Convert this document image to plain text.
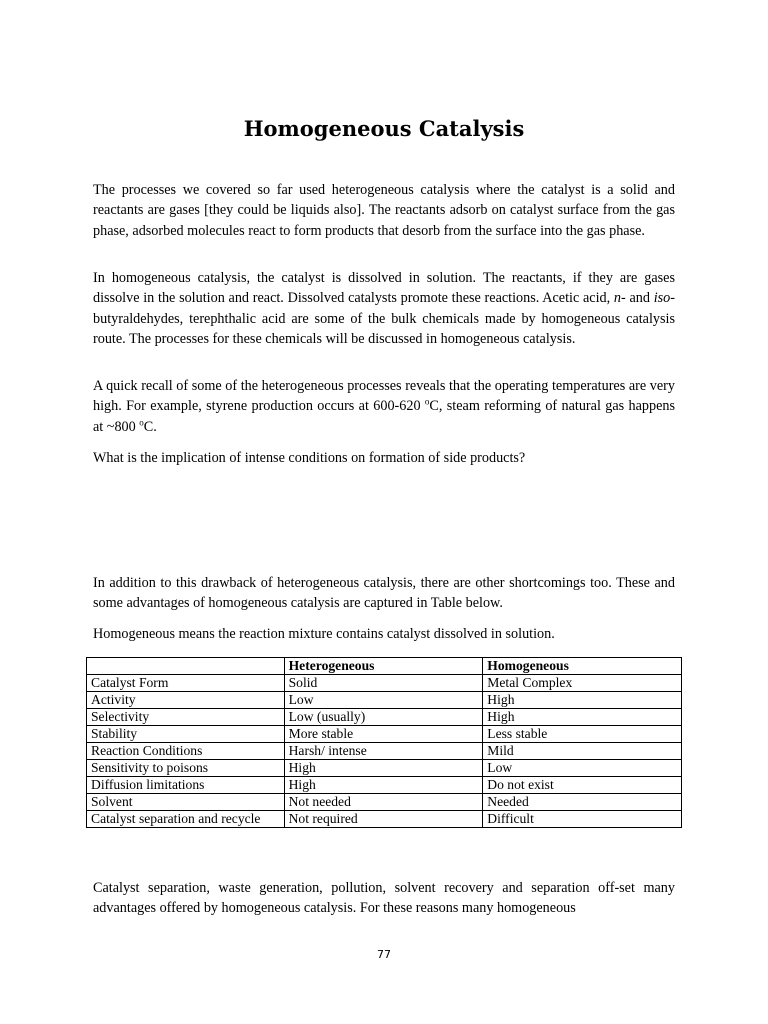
Homogeneous Catalysis
The processes we covered so far used heterogeneous catalysis where the catalyst is a solid and reactants are gases [they could be liquids also]. The reactants adsorb on catalyst surface from the gas phase, adsorbed molecules react to form products that desorb from the surface into the gas phase.
In homogeneous catalysis, the catalyst is dissolved in solution. The reactants, if they are gases dissolve in the solution and react. Dissolved catalysts promote these reactions. Acetic acid, n- and iso-butyraldehydes, terephthalic acid are some of the bulk chemicals made by homogeneous catalysis route. The processes for these chemicals will be discussed in homogeneous catalysis.
A quick recall of some of the heterogeneous processes reveals that the operating temperatures are very high. For example, styrene production occurs at 600-620 $^o$C, steam reforming of natural gas happens at ~800 $^o$C.
What is the implication of intense conditions on formation of side products?
In addition to this drawback of heterogeneous catalysis, there are other shortcomings too. These and some advantages of homogeneous catalysis are captured in Table below.
Homogeneous means the reaction mixture contains catalyst dissolved in solution.
	Heterogeneous	Homogeneous
Catalyst Form	Solid	Metal Complex
Activity	Low	High
Selectivity	Low (usually)	High
Stability	More stable	Less stable
Reaction Conditions	Harsh/ intense	Mild
Sensitivity to poisons	High	Low
Diffusion limitations	High	Do not exist
Solvent	Not needed	Needed
Catalyst separation and recycle	Not required	Difficult
Catalyst separation, waste generation, pollution, solvent recovery and separation off-set many advantages offered by homogeneous catalysis. For these reasons many homogeneous
77
